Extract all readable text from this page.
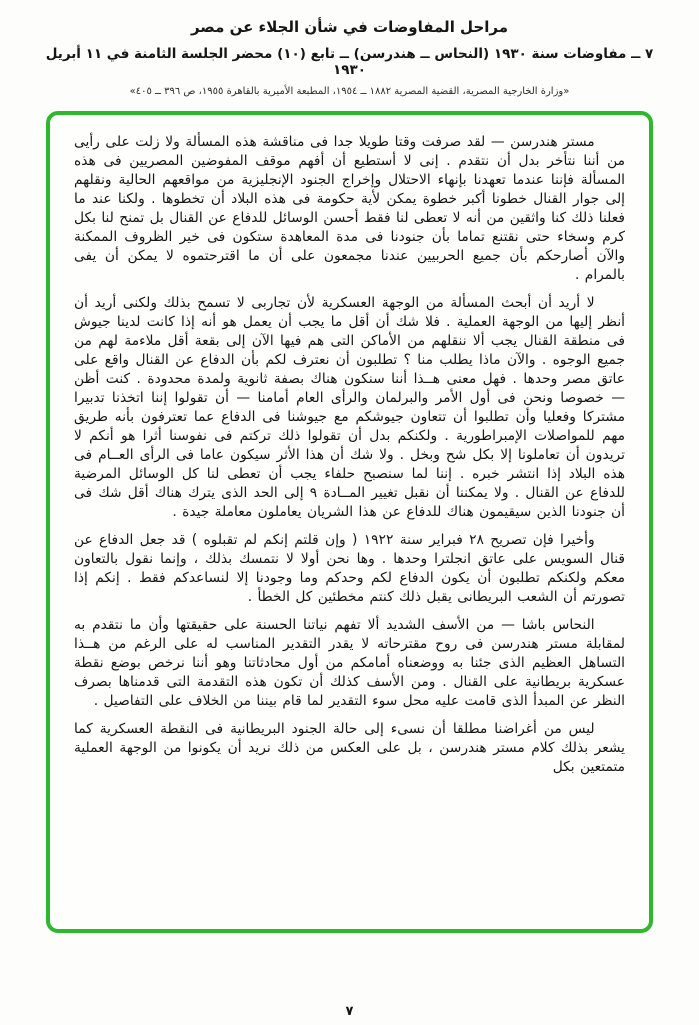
مراحل المفاوضات في شأن الجلاء عن مصر
٧ ــ مفاوضات سنة ١٩٣٠ (النحاس ــ هندرسن) ــ تابع (١٠) محضر الجلسة الثامنة في ١١ أبريل ١٩٣٠
«وزارة الخارجية المصرية، القضية المصرية ١٨٨٢ ــ ١٩٥٤، المطبعة الأميرية بالقاهرة ١٩٥٥، ص ٣٩٦ ــ ٤٠٥»

مستر هندرسن — لقد صرفت وقتا طويلا جدا فى مناقشة هذه المسألة ولا زلت على رأيى من أننا نتأخر بدل أن نتقدم . إنى لا أستطيع أن أفهم موقف المفوضين المصريين فى هذه المسألة فإننا عندما تعهدنا بإنهاء الاحتلال وإخراج الجنود الإنجليزية من مواقعهم الحالية ونقلهم إلى جوار القنال خطونا أكبر خطوة يمكن لأية حكومة فى هذه البلاد أن تخطوها . ولكنا عند ما فعلنا ذلك كنا واثقين من أنه لا تعطى لنا فقط أحسن الوسائل للدفاع عن القنال بل تمنح لنا بكل كرم وسخاء حتى نقتنع تماما بأن جنودنا فى مدة المعاهدة ستكون فى خير الظروف الممكنة والآن أصارحكم بأن جميع الحربيين عندنا مجمعون على أن ما اقترحتموه لا يمكن أن يفى بالمرام .

لا أريد أن أبحث المسألة من الوجهة العسكرية لأن تجاربى لا تسمح بذلك ولكنى أريد أن أنظر إليها من الوجهة العملية . فلا شك أن أقل ما يجب أن يعمل هو أنه إذا كانت لدينا جيوش فى منطقة القنال يجب ألا ننقلهم من الأماكن التى هم فيها الآن إلى بقعة أقل ملاءمة لهم من جميع الوجوه . والآن ماذا يطلب منا ؟ تطلبون أن نعترف لكم بأن الدفاع عن القنال واقع على عاتق مصر وحدها . فهل معنى هــذا أننا سنكون هناك بصفة ثانوية ولمدة محدودة . كنت أظن — خصوصا ونحن فى أول الأمر والبرلمان والرأى العام أمامنا — أن تقولوا إننا اتخذنا تدبيرا مشتركا وفعليا وأن تطلبوا أن تتعاون جيوشكم مع جيوشنا فى الدفاع عما تعترفون بأنه طريق مهم للمواصلات الإمبراطورية . ولكنكم بدل أن تقولوا ذلك تركتم فى نفوسنا أثرا هو أنكم لا تريدون أن تعاملونا إلا بكل شح وبخل . ولا شك أن هذا الأثر سيكون عاما فى الرأى العــام فى هذه البلاد إذا انتشر خبره . إننا لما سنصبح حلفاء يجب أن تعطى لنا كل الوسائل المرضية للدفاع عن القنال . ولا يمكننا أن نقبل تغيير المــادة ٩ إلى الحد الذى يترك هناك أقل شك فى أن جنودنا الذين سيقيمون هناك للدفاع عن هذا الشريان يعاملون معاملة جيدة .

وأخيرا فإن تصريح ٢٨ فبراير سنة ١٩٢٢ ( وإن قلتم إنكم لم تقبلوه ) قد جعل الدفاع عن قنال السويس على عاتق انجلترا وحدها . وها نحن أولا لا نتمسك بذلك ، وإنما نقول بالتعاون معكم ولكنكم تطلبون أن يكون الدفاع لكم وحدكم وما وجودنا إلا لنساعدكم فقط . إنكم إذا تصورتم أن الشعب البريطانى يقبل ذلك كنتم مخطئين كل الخطأ .

النحاس باشا — من الأسف الشديد ألا تفهم نياتنا الحسنة على حقيقتها وأن ما نتقدم به لمقابلة مستر هندرسن فى روح مقترحاته لا يقدر التقدير المناسب له على الرغم من هــذا التساهل العظيم الذى جئنا به ووضعناه أمامكم من أول محادثاتنا وهو أننا نرخص بوضع نقطة عسكرية بريطانية على القنال . ومن الأسف كذلك أن تكون هذه التقدمة التى قدمناها بصرف النظر عن المبدأ الذى قامت عليه محل سوء التقدير لما قام بيننا من الخلاف على التفاصيل .

ليس من أغراضنا مطلقا أن نسىء إلى حالة الجنود البريطانية فى النقطة العسكرية كما يشعر بذلك كلام مستر هندرسن ، بل على العكس من ذلك نريد أن يكونوا من الوجهة العملية متمتعين بكل

٧
